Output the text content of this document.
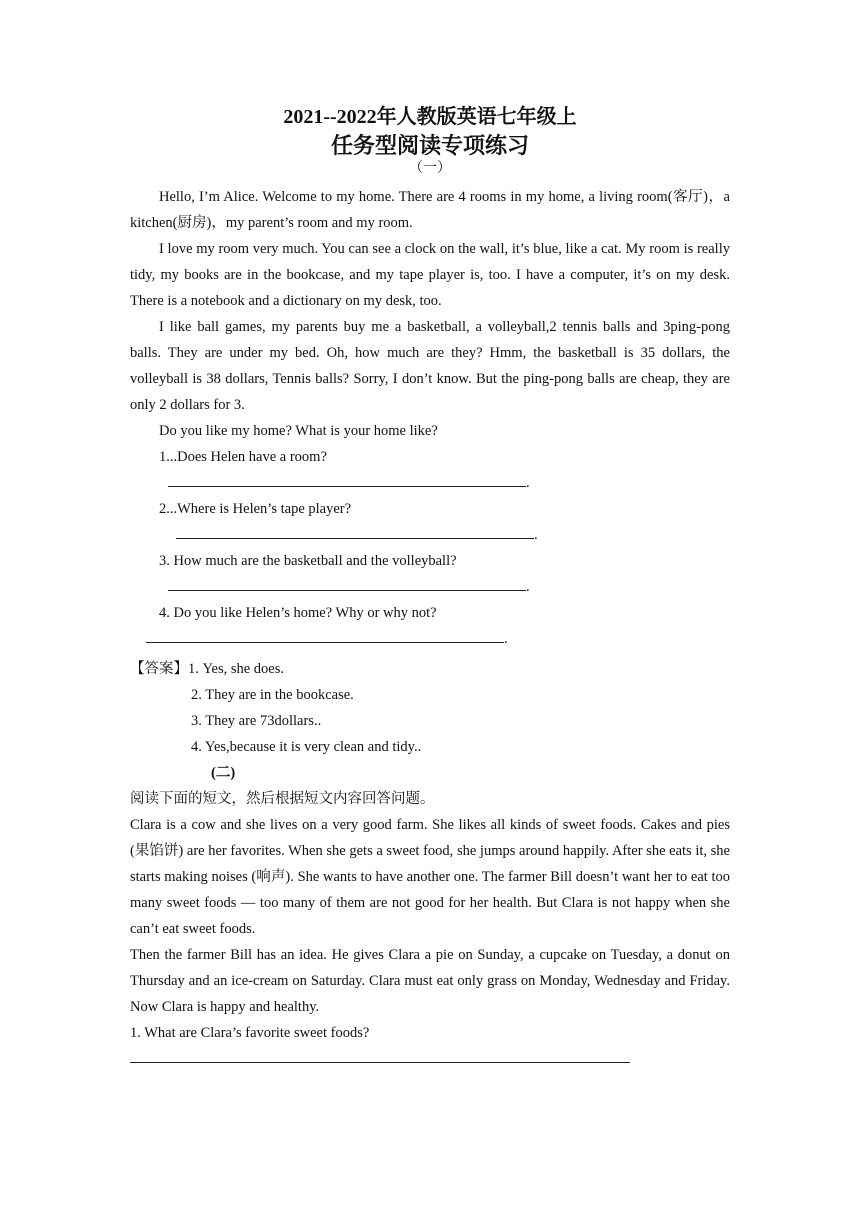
2021--2022年人教版英语七年级上

任务型阅读专项练习

（一）

Hello, I’m Alice. Welcome to my home. There are 4 rooms in my home, a living room(客厅)，a kitchen(厨房)，my parent’s room and my room.

I love my room very much. You can see a clock on the wall, it’s blue, like a cat. My room is really tidy, my books are in the bookcase, and my tape player is, too. I have a computer, it’s on my desk. There is a notebook and a dictionary on my desk, too.

I like ball games, my parents buy me a basketball, a volleyball,2 tennis balls and 3ping-pong balls. They are under my bed. Oh, how much are they? Hmm, the basketball is 35 dollars, the volleyball is 38 dollars, Tennis balls? Sorry, I don’t know. But the ping-pong balls are cheap, they are only 2 dollars for 3.

Do you like my home? What is your home like?

1...Does Helen have a room?

.

2...Where is Helen’s tape player?

.

3. How much are the basketball and the volleyball?

.

4. Do you like Helen’s home? Why or why not?

.

【答案】1. Yes, she does.

2. They are in the bookcase.

3. They are 73dollars..

4. Yes,because it is very clean and tidy..

(二)

阅读下面的短文，然后根据短文内容回答问题。

Clara is a cow and she lives on a very good farm. She likes all kinds of sweet foods. Cakes and pies (果馅饼) are her favorites. When she gets a sweet food, she jumps around happily. After she eats it, she starts making noises (响声). She wants to have another one. The farmer Bill doesn’t want her to eat too many sweet foods — too many of them are not good for her health. But Clara is not happy when she can’t eat sweet foods.

Then the farmer Bill has an idea. He gives Clara a pie on Sunday, a cupcake on Tuesday, a donut on Thursday and an ice-cream on Saturday. Clara must eat only grass on Monday, Wednesday and Friday. Now Clara is happy and healthy.

1. What are Clara’s favorite sweet foods?
